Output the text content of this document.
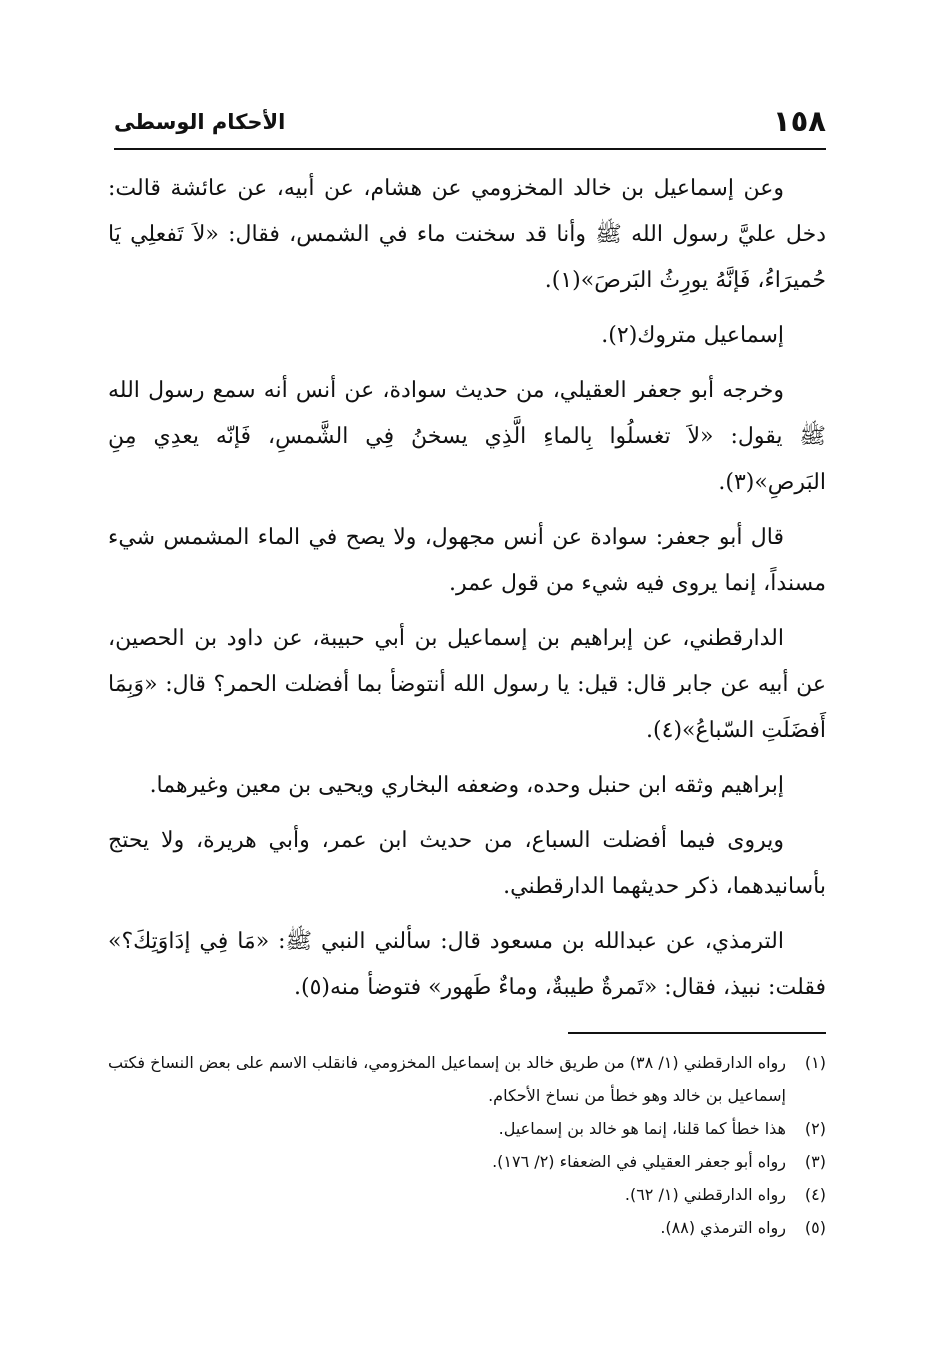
١٥٨
الأحكام الوسطى

وعن إسماعيل بن خالد المخزومي عن هشام، عن أبيه، عن عائشة قالت: دخل عليَّ رسول الله ﷺ وأنا قد سخنت ماء في الشمس، فقال: «لاَ تَفعلِي يَا حُميرَاءُ، فَإنَّهُ يورِثُ البَرصَ»(١).

إسماعيل متروك(٢).

وخرجه أبو جعفر العقيلي، من حديث سوادة، عن أنس أنه سمع رسول الله ﷺ يقول: «لاَ تغسلُوا بِالماءِ الَّذِي يسخنُ فِي الشَّمسِ، فَإنّه يعدِي مِنِ البَرصِ»(٣).

قال أبو جعفر: سوادة عن أنس مجهول، ولا يصح في الماء المشمس شيء مسنداً، إنما يروى فيه شيء من قول عمر.

الدارقطني، عن إبراهيم بن إسماعيل بن أبي حبيبة، عن داود بن الحصين، عن أبيه عن جابر قال: قيل: يا رسول الله أنتوضأ بما أفضلت الحمر؟ قال: «وَبِمَا أَفضَلَتِ السّباعُ»(٤).

إبراهيم وثقه ابن حنبل وحده، وضعفه البخاري ويحيى بن معين وغيرهما.

ويروى فيما أفضلت السباع، من حديث ابن عمر، وأبي هريرة، ولا يحتج بأسانيدهما، ذكر حديثهما الدارقطني.

الترمذي، عن عبدالله بن مسعود قال: سألني النبي ﷺ: «مَا فِي إدَاوَتِكَ؟» فقلت: نبيذ، فقال: «تَمرةٌ طيبةٌ، وماءٌ طَهور» فتوضأ منه(٥).

(١)
رواه الدارقطني (١/ ٣٨) من طريق خالد بن إسماعيل المخزومي، فانقلب الاسم على بعض النساخ فكتب إسماعيل بن خالد وهو خطأ من نساخ الأحكام.
(٢)
هذا خطأ كما قلنا، إنما هو خالد بن إسماعيل.
(٣)
رواه أبو جعفر العقيلي في الضعفاء (٢/ ١٧٦).
(٤)
رواه الدارقطني (١/ ٦٢).
(٥)
رواه الترمذي (٨٨).
